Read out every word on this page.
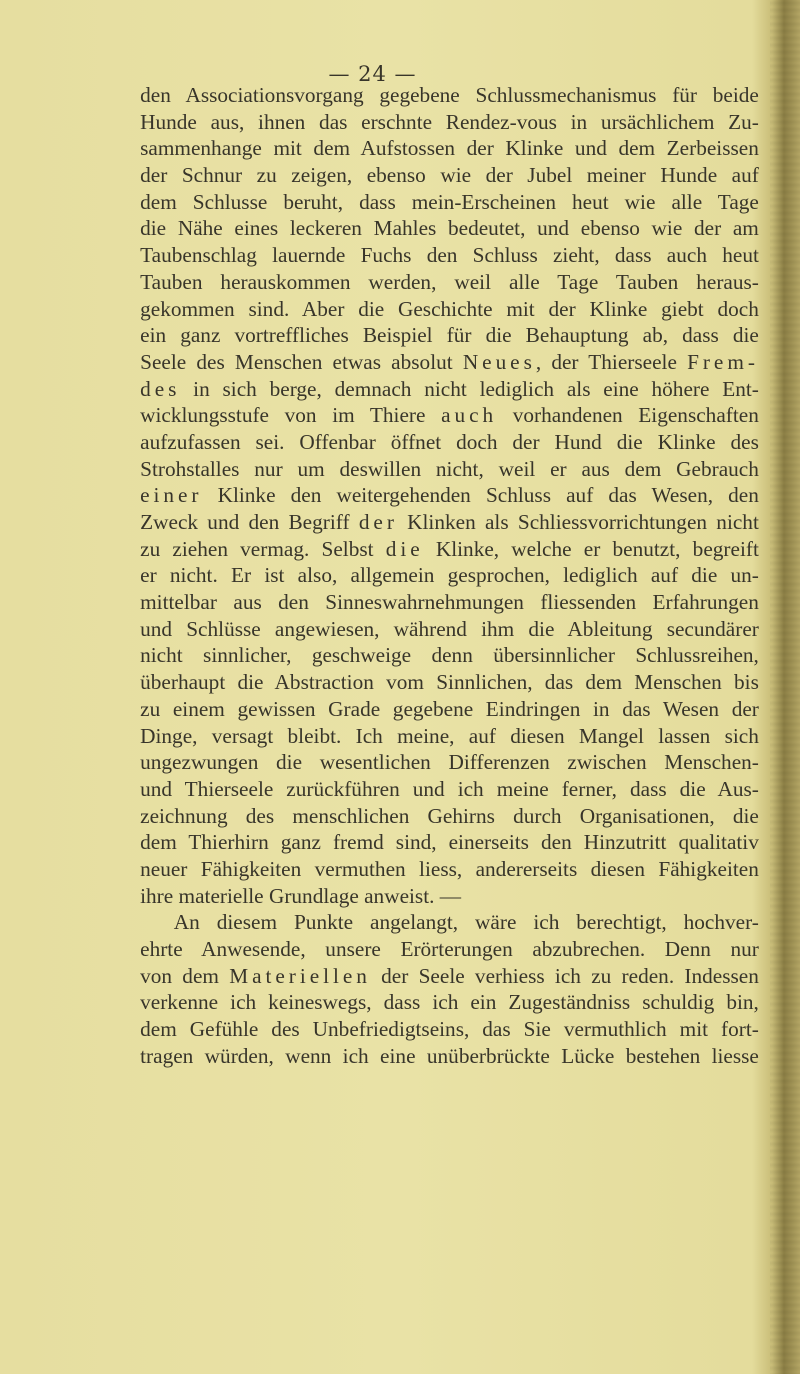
— 24 —
den Associationsvorgang gegebene Schlussmechanismus für beide
Hunde aus, ihnen das erschnte Rendez-vous in ursächlichem Zu-
sammenhange mit dem Aufstossen der Klinke und dem Zerbeissen
der Schnur zu zeigen, ebenso wie der Jubel meiner Hunde auf
dem Schlusse beruht, dass mein-Erscheinen heut wie alle Tage
die Nähe eines leckeren Mahles bedeutet, und ebenso wie der am
Taubenschlag lauernde Fuchs den Schluss zieht, dass auch heut
Tauben herauskommen werden, weil alle Tage Tauben heraus-
gekommen sind. Aber die Geschichte mit der Klinke giebt doch
ein ganz vortreffliches Beispiel für die Behauptung ab, dass die
Seele des Menschen etwas absolut Neues, der Thierseele Frem-
des in sich berge, demnach nicht lediglich als eine höhere Ent-
wicklungsstufe von im Thiere auch vorhandenen Eigenschaften
aufzufassen sei. Offenbar öffnet doch der Hund die Klinke des
Strohstalles nur um deswillen nicht, weil er aus dem Gebrauch
einer Klinke den weitergehenden Schluss auf das Wesen, den
Zweck und den Begriff der Klinken als Schliessvorrichtungen nicht
zu ziehen vermag. Selbst die Klinke, welche er benutzt, begreift
er nicht. Er ist also, allgemein gesprochen, lediglich auf die un-
mittelbar aus den Sinneswahrnehmungen fliessenden Erfahrungen
und Schlüsse angewiesen, während ihm die Ableitung secundärer
nicht sinnlicher, geschweige denn übersinnlicher Schlussreihen,
überhaupt die Abstraction vom Sinnlichen, das dem Menschen bis
zu einem gewissen Grade gegebene Eindringen in das Wesen der
Dinge, versagt bleibt. Ich meine, auf diesen Mangel lassen sich
ungezwungen die wesentlichen Differenzen zwischen Menschen-
und Thierseele zurückführen und ich meine ferner, dass die Aus-
zeichnung des menschlichen Gehirns durch Organisationen, die
dem Thierhirn ganz fremd sind, einerseits den Hinzutritt qualitativ
neuer Fähigkeiten vermuthen liess, andererseits diesen Fähigkeiten
ihre materielle Grundlage anweist. —
An diesem Punkte angelangt, wäre ich berechtigt, hochver-
ehrte Anwesende, unsere Erörterungen abzubrechen. Denn nur
von dem Materiellen der Seele verhiess ich zu reden. Indessen
verkenne ich keineswegs, dass ich ein Zugeständniss schuldig bin,
dem Gefühle des Unbefriedigtseins, das Sie vermuthlich mit fort-
tragen würden, wenn ich eine unüberbrückte Lücke bestehen liesse
